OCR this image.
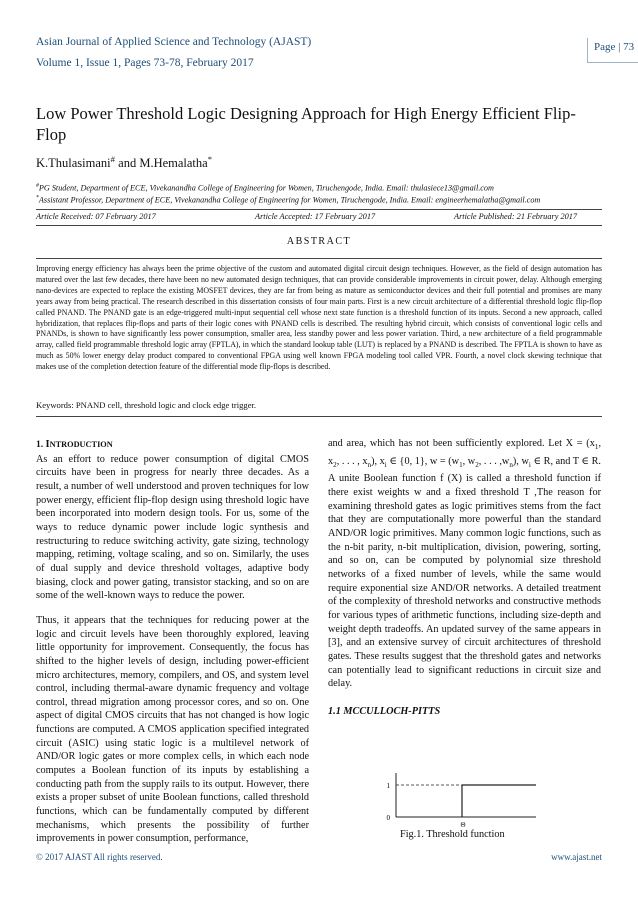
Asian Journal of Applied Science and Technology (AJAST)
Volume 1, Issue 1, Pages 73-78, February 2017
Page | 73
Low Power Threshold Logic Designing Approach for High Energy Efficient Flip-Flop
K.Thulasimani# and M.Hemalatha*
#PG Student, Department of ECE, Vivekanandha College of Engineering for Women, Tiruchengode, India. Email: thulasiece13@gmail.com
*Assistant Professor, Department of ECE, Vivekanandha College of Engineering for Women, Tiruchengode, India. Email: engineerhemalatha@gmail.com
Article Received: 07 February 2017	Article Accepted: 17 February 2017	Article Published: 21 February 2017
ABSTRACT
Improving energy efficiency has always been the prime objective of the custom and automated digital circuit design techniques. However, as the field of design automation has matured over the last few decades, there have been no new automated design techniques, that can provide considerable improvements in circuit power, delay. Although emerging nano-devices are expected to replace the existing MOSFET devices, they are far from being as mature as semiconductor devices and their full potential and promises are many years away from being practical. The research described in this dissertation consists of four main parts. First is a new circuit architecture of a differential threshold logic flip-flop called PNAND. The PNAND gate is an edge-triggered multi-input sequential cell whose next state function is a threshold function of its inputs. Second a new approach, called hybridization, that replaces flip-flops and parts of their logic cones with PNAND cells is described. The resulting hybrid circuit, which consists of conventional logic cells and PNANDs, is shown to have significantly less power consumption, smaller area, less standby power and less power variation. Third, a new architecture of a field programmable array, called field programmable threshold logic array (FPTLA), in which the standard lookup table (LUT) is replaced by a PNAND is described. The FPTLA is shown to have as much as 50% lower energy delay product compared to conventional FPGA using well known FPGA modeling tool called VPR. Fourth, a novel clock skewing technique that makes use of the completion detection feature of the differential mode flip-flops is described.
Keywords: PNAND cell, threshold logic and clock edge trigger.
1. INTRODUCTION

As an effort to reduce power consumption of digital CMOS circuits have been in progress for nearly three decades. As a result, a number of well understood and proven techniques for low power energy, efficient flip-flop design using threshold logic have been incorporated into modern design tools. For us, some of the ways to reduce dynamic power include logic synthesis and restructuring to reduce switching activity, gate sizing, technology mapping, retiming, voltage scaling, and so on. Similarly, the uses of dual supply and device threshold voltages, adaptive body biasing, clock and power gating, transistor stacking, and so on are some of the well-known ways to reduce the power.

Thus, it appears that the techniques for reducing power at the logic and circuit levels have been thoroughly explored, leaving little opportunity for improvement. Consequently, the focus has shifted to the higher levels of design, including power-efficient micro architectures, memory, compilers, and OS, and system level control, including thermal-aware dynamic frequency and voltage control, thread migration among processor cores, and so on. One aspect of digital CMOS circuits that has not changed is how logic functions are computed. A CMOS application specified integrated circuit (ASIC) using static logic is a multilevel network of AND/OR logic gates or more complex cells, in which each node computes a Boolean function of its inputs by establishing a conducting path from the supply rails to its output. However, there exists a proper subset of unite Boolean functions, called threshold functions, which can be fundamentally computed by different mechanisms, which presents the possibility of further improvements in power consumption, performance,

and area, which has not been sufficiently explored. Let $X = (x_1$, $x_2$, . . . , $x_n$), $x_i$ ∈ {0, 1}, $w = (w_1$, $w_2$, . . . $,w_n$), $w_i$ ∈ R, and T ∈ R. A unite Boolean function f (X) is called a threshold function if there exist weights w and a fixed threshold T ,The reason for examining threshold gates as logic primitives stems from the fact that they are computationally more powerful than the standard AND/OR logic primitives. Many common logic functions, such as the n-bit parity, n-bit multiplication, division, powering, sorting, and so on, can be computed by polynomial size threshold networks of a fixed number of levels, while the same would require exponential size AND/OR networks. A detailed treatment of the complexity of threshold networks and constructive methods for various types of arithmetic functions, including size-depth and weight depth tradeoffs. An updated survey of the same appears in [3], and an extensive survey of circuit architectures of threshold gates. These results suggest that the threshold gates and networks can potentially lead to significant reductions in circuit size and delay.

1.1 MCCULLOCH-PITTS
1
0
Θ
Fig.1. Threshold function
© 2017 AJAST All rights reserved.	www.ajast.net
